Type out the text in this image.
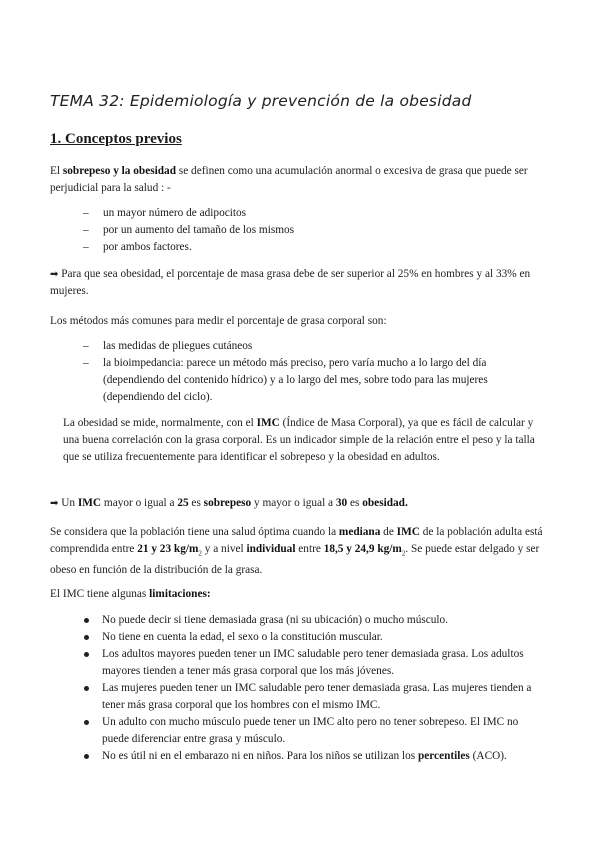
TEMA 32: Epidemiología y prevención de la obesidad
1. Conceptos previos
El sobrepeso y la obesidad se definen como una acumulación anormal o excesiva de grasa que puede ser perjudicial para la salud : -
– un mayor número de adipocitos
– por un aumento del tamaño de los mismos
– por ambos factores.
➡ Para que sea obesidad, el porcentaje de masa grasa debe de ser superior al 25% en hombres y al 33% en mujeres.
Los métodos más comunes para medir el porcentaje de grasa corporal son:
– las medidas de pliegues cutáneos
– la bioimpedancia: parece un método más preciso, pero varía mucho a lo largo del día (dependiendo del contenido hídrico) y a lo largo del mes, sobre todo para las mujeres (dependiendo del ciclo).
La obesidad se mide, normalmente, con el IMC (Índice de Masa Corporal), ya que es fácil de calcular y una buena correlación con la grasa corporal. Es un indicador simple de la relación entre el peso y la talla que se utiliza frecuentemente para identificar el sobrepeso y la obesidad en adultos.
➡ Un IMC mayor o igual a 25 es sobrepeso y mayor o igual a 30 es obesidad.
Se considera que la población tiene una salud óptima cuando la mediana de IMC de la población adulta está comprendida entre 21 y 23 $kg/m_2$ y a nivel individual entre 18,5 y 24,9 $kg/m_2$. Se puede estar delgado y ser obeso en función de la distribución de la grasa.
El IMC tiene algunas limitaciones:
No puede decir si tiene demasiada grasa (ni su ubicación) o mucho músculo.
No tiene en cuenta la edad, el sexo o la constitución muscular.
Los adultos mayores pueden tener un IMC saludable pero tener demasiada grasa. Los adultos mayores tienden a tener más grasa corporal que los más jóvenes.
Las mujeres pueden tener un IMC saludable pero tener demasiada grasa. Las mujeres tienden a tener más grasa corporal que los hombres con el mismo IMC.
Un adulto con mucho músculo puede tener un IMC alto pero no tener sobrepeso. El IMC no puede diferenciar entre grasa y músculo.
No es útil ni en el embarazo ni en niños. Para los niños se utilizan los percentiles (ACO).
